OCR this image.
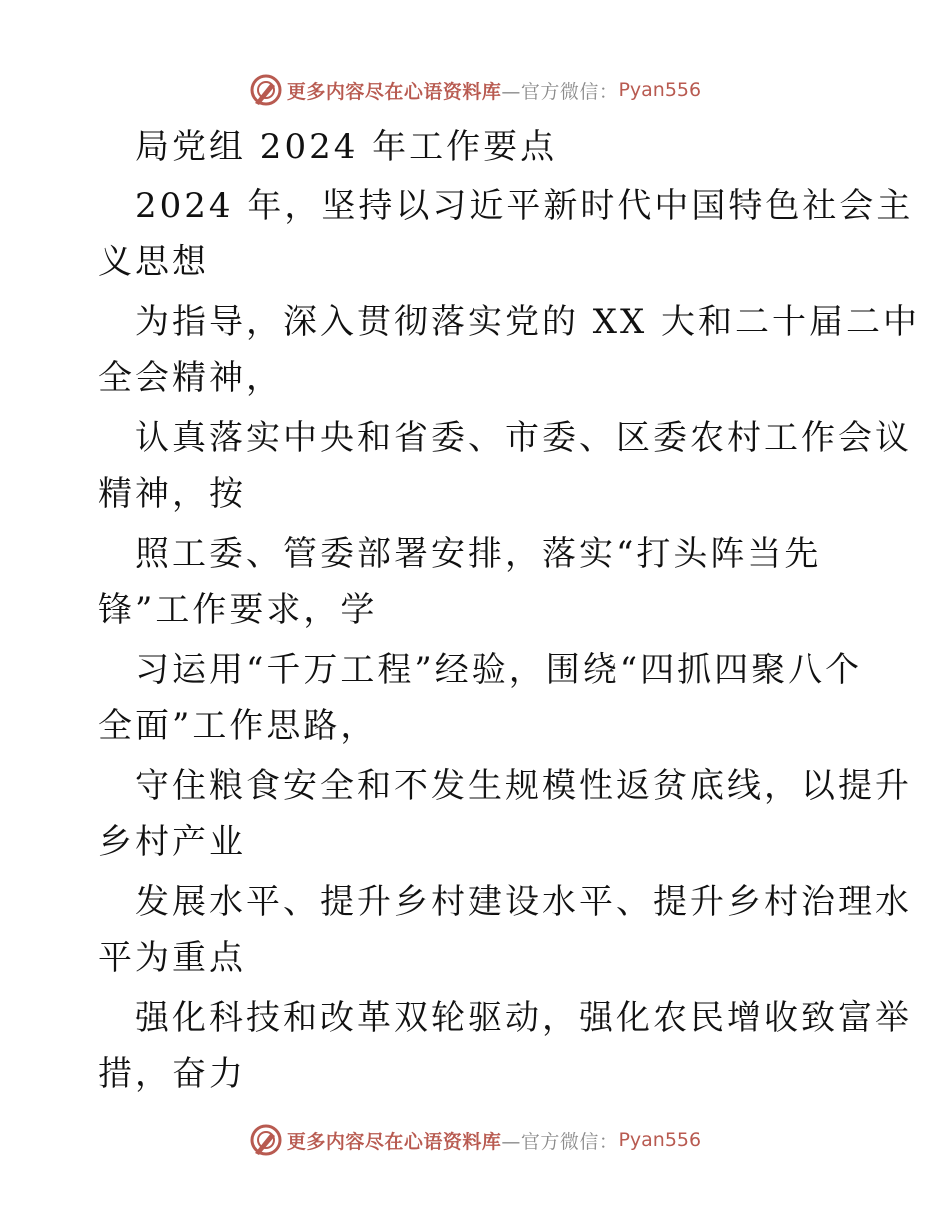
更多内容尽在心语资料库 —官方微信： Pyan556
局党组 2024 年工作要点
2024 年，坚持以习近平新时代中国特色社会主
义思想
为指导，深入贯彻落实党的 XX 大和二十届二中
全会精神，
认真落实中央和省委、市委、区委农村工作会议
精神，按
照工委、管委部署安排，落实“打头阵当先
锋”工作要求，学
习运用“千万工程”经验，围绕“四抓四聚八个
全面”工作思路，
守住粮食安全和不发生规模性返贫底线，以提升
乡村产业
发展水平、提升乡村建设水平、提升乡村治理水
平为重点
强化科技和改革双轮驱动，强化农民增收致富举
措，奋力
更多内容尽在心语资料库 —官方微信： Pyan556
